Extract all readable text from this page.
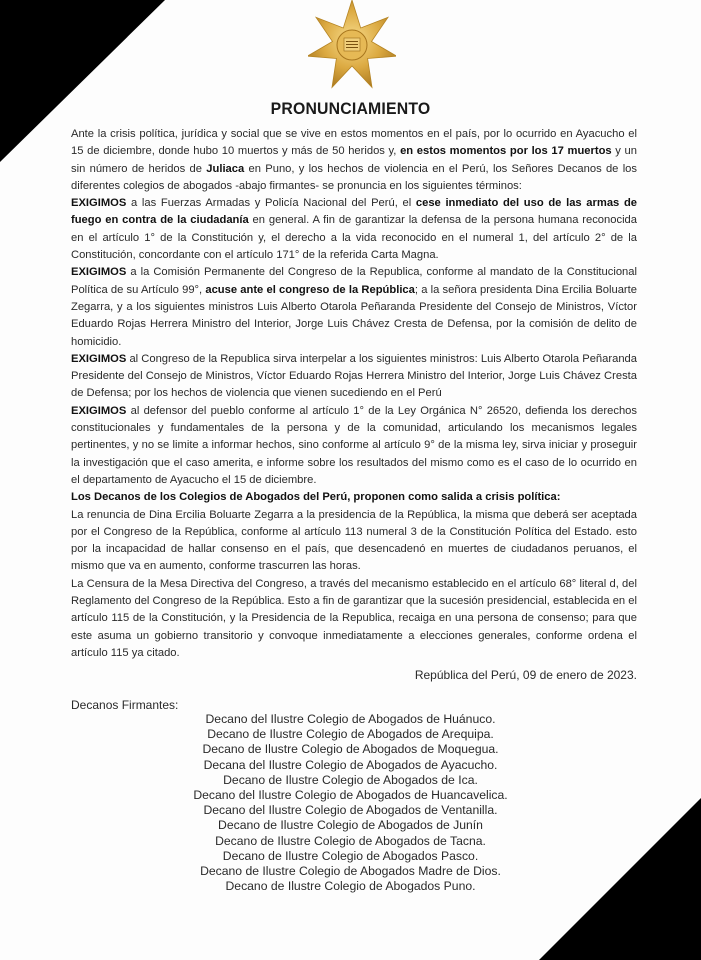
PRONUNCIAMIENTO

Ante la crisis política, jurídica y social que se vive en estos momentos en el país, por lo ocurrido en Ayacucho el 15 de diciembre, donde hubo 10 muertos y más de 50 heridos y, en estos momentos por los 17 muertos y un sin número de heridos de Juliaca en Puno, y los hechos de violencia en el Perú, los Señores Decanos de los diferentes colegios de abogados -abajo firmantes- se pronuncia en los siguientes términos:

EXIGIMOS a las Fuerzas Armadas y Policía Nacional del Perú, el cese inmediato del uso de las armas de fuego en contra de la ciudadanía en general. A fin de garantizar la defensa de la persona humana reconocida en el artículo 1° de la Constitución y, el derecho a la vida reconocido en el numeral 1, del artículo 2° de la Constitución, concordante con el artículo 171° de la referida Carta Magna.

EXIGIMOS a la Comisión Permanente del Congreso de la Republica, conforme al mandato de la Constitucional Política de su Artículo 99°, acuse ante el congreso de la República; a la señora presidenta Dina Ercilia Boluarte Zegarra, y a los siguientes ministros Luis Alberto Otarola Peñaranda Presidente del Consejo de Ministros, Víctor Eduardo Rojas Herrera Ministro del Interior, Jorge Luis Chávez Cresta de Defensa, por la comisión de delito de homicidio.

EXIGIMOS al Congreso de la Republica sirva interpelar a los siguientes ministros: Luis Alberto Otarola Peñaranda Presidente del Consejo de Ministros, Víctor Eduardo Rojas Herrera Ministro del Interior, Jorge Luis Chávez Cresta de Defensa; por los hechos de violencia que vienen sucediendo en el Perú

EXIGIMOS al defensor del pueblo conforme al artículo 1° de la Ley Orgánica N° 26520, defienda los derechos constitucionales y fundamentales de la persona y de la comunidad, articulando los mecanismos legales pertinentes, y no se limite a informar hechos, sino conforme al artículo 9° de la misma ley, sirva iniciar y proseguir la investigación que el caso amerita, e informe sobre los resultados del mismo como es el caso de lo ocurrido en el departamento de Ayacucho el 15 de diciembre.

Los Decanos de los Colegios de Abogados del Perú, proponen como salida a crisis política:

La renuncia de Dina Ercilia Boluarte Zegarra a la presidencia de la República, la misma que deberá ser aceptada por el Congreso de la República, conforme al artículo 113 numeral 3 de la Constitución Política del Estado. esto por la incapacidad de hallar consenso en el país, que desencadenó en muertes de ciudadanos peruanos, el mismo que va en aumento, conforme trascurren las horas.

La Censura de la Mesa Directiva del Congreso, a través del mecanismo establecido en el artículo 68° literal d, del Reglamento del Congreso de la República. Esto a fin de garantizar que la sucesión presidencial, establecida en el artículo 115 de la Constitución, y la Presidencia de la Republica, recaiga en una persona de consenso; para que este asuma un gobierno transitorio y convoque inmediatamente a elecciones generales, conforme ordena el artículo 115 ya citado.

República del Perú, 09 de enero de 2023.

Decanos Firmantes:

Decano del Ilustre Colegio de Abogados de Huánuco.
Decano de Ilustre Colegio de Abogados de Arequipa.
Decano de Ilustre Colegio de Abogados de Moquegua.
Decana del Ilustre Colegio de Abogados de Ayacucho.
Decano de Ilustre Colegio de Abogados de Ica.
Decano del Ilustre Colegio de Abogados de Huancavelica.
Decano del Ilustre Colegio de Abogados de Ventanilla.
Decano de Ilustre Colegio de Abogados de Junín
Decano de Ilustre Colegio de Abogados de Tacna.
Decano de Ilustre Colegio de Abogados Pasco.
Decano de Ilustre Colegio de Abogados Madre de Dios.
Decano de Ilustre Colegio de Abogados Puno.
